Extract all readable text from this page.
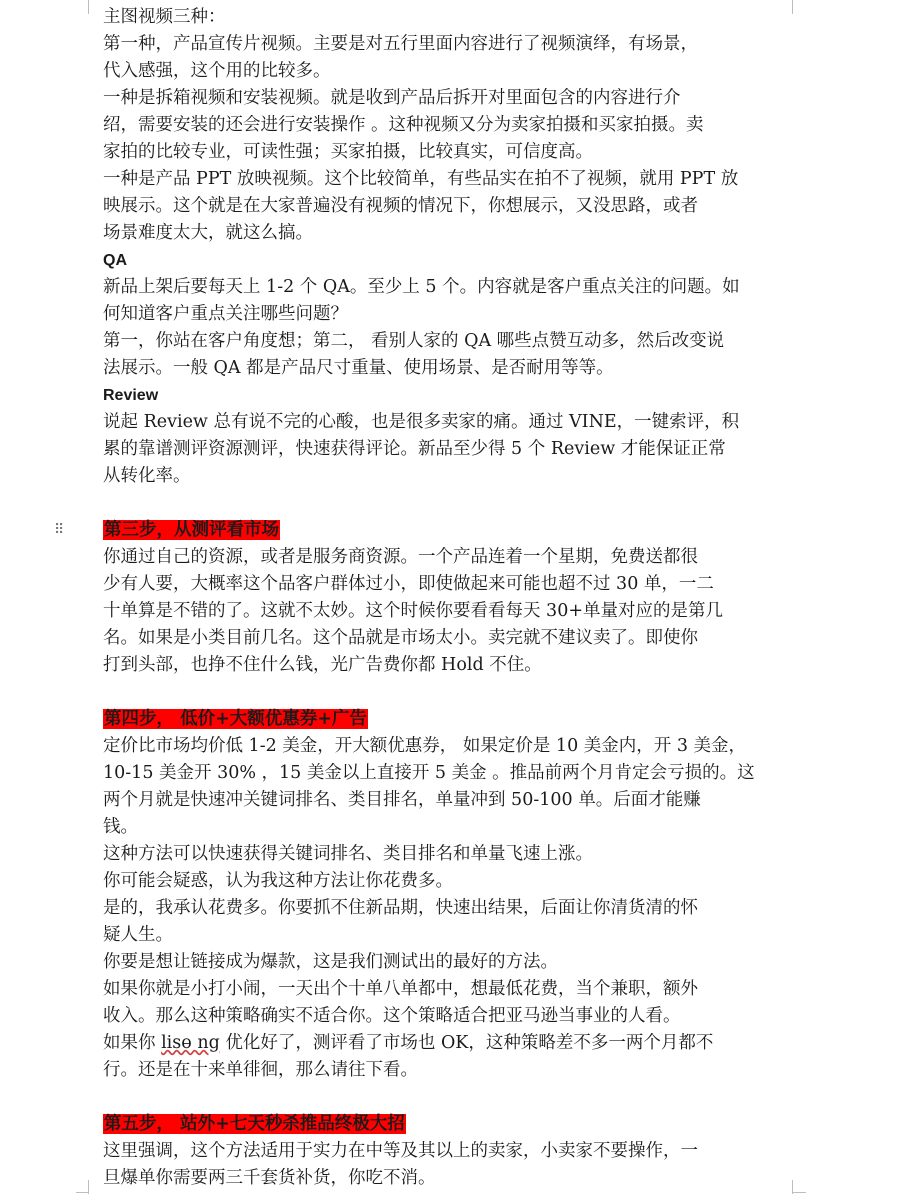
⠿

主图视频三种：

第一种，产品宣传片视频。主要是对五行里面内容进行了视频演绎，有场景，

代入感强，这个用的比较多。

一种是拆箱视频和安装视频。就是收到产品后拆开对里面包含的内容进行介

绍，需要安装的还会进行安装操作 。这种视频又分为卖家拍摄和买家拍摄。卖

家拍的比较专业，可读性强；买家拍摄，比较真实，可信度高。

一种是产品 PPT 放映视频。这个比较简单，有些品实在拍不了视频，就用 PPT 放

映展示。这个就是在大家普遍没有视频的情况下，你想展示，又没思路，或者

场景难度太大，就这么搞。

QA

新品上架后要每天上 1-2 个 QA。至少上 5 个。内容就是客户重点关注的问题。如

何知道客户重点关注哪些问题？

第一，你站在客户角度想；第二， 看别人家的 QA 哪些点赞互动多，然后改变说

法展示。一般 QA 都是产品尺寸重量、使用场景、是否耐用等等。

Review

说起 Review 总有说不完的心酸，也是很多卖家的痛。通过 VINE，一键索评，积

累的靠谱测评资源测评，快速获得评论。新品至少得 5 个 Review 才能保证正常

从转化率。

第三步，从测评看市场

你通过自己的资源，或者是服务商资源。一个产品连着一个星期，免费送都很

少有人要，大概率这个品客户群体过小，即使做起来可能也超不过 30 单，一二

十单算是不错的了。这就不太妙。这个时候你要看看每天 30+单量对应的是第几

名。如果是小类目前几名。这个品就是市场太小。卖完就不建议卖了。即使你

打到头部，也挣不住什么钱，光广告费你都 Hold 不住。

第四步， 低价+大额优惠券+广告

定价比市场均价低 1-2 美金，开大额优惠券， 如果定价是 10 美金内，开 3 美金，

10-15 美金开 30% ，15 美金以上直接开 5 美金 。推品前两个月肯定会亏损的。这

两个月就是快速冲关键词排名、类目排名，单量冲到 50-100 单。后面才能赚

钱。

这种方法可以快速获得关键词排名、类目排名和单量飞速上涨。

你可能会疑惑，认为我这种方法让你花费多。

是的，我承认花费多。你要抓不住新品期，快速出结果，后面让你清货清的怀

疑人生。

你要是想让链接成为爆款，这是我们测试出的最好的方法。

如果你就是小打小闹，一天出个十单八单都中，想最低花费，当个兼职，额外

收入。那么这种策略确实不适合你。这个策略适合把亚马逊当事业的人看。

如果你 lisɵ ng 优化好了，测评看了市场也 OK，这种策略差不多一两个月都不

行。还是在十来单徘徊，那么请往下看。

第五步， 站外+七天秒杀推品终极大招

这里强调，这个方法适用于实力在中等及其以上的卖家，小卖家不要操作，一

旦爆单你需要两三千套货补货，你吃不消。
